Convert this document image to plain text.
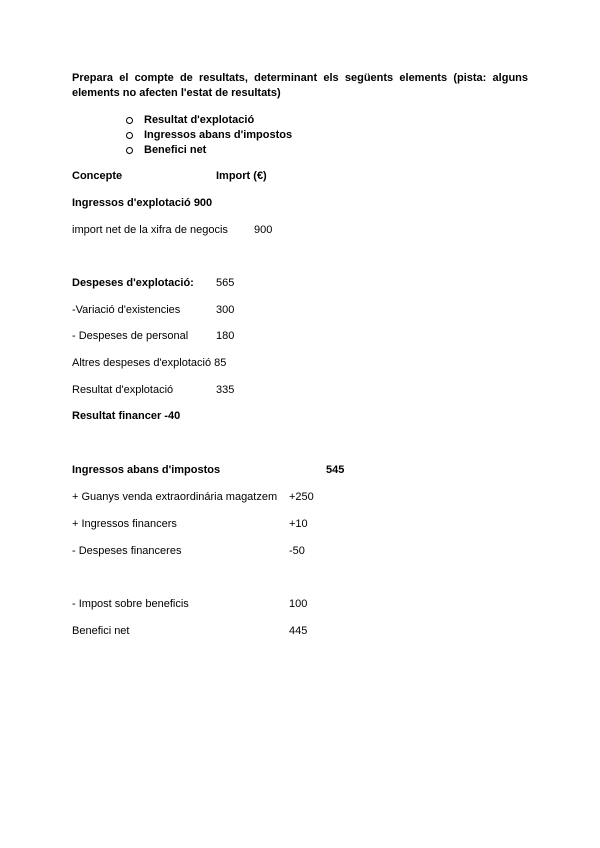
Prepara el compte de resultats, determinant els següents elements (pista: alguns elements no afecten l'estat de resultats)
Resultat d'explotació
Ingressos abans d'impostos
Benefici net
Concepte	Import (€)
Ingressos d'explotació 900
import net de la xifra de negocis 900
Despeses d'explotació: 565
-Variació d'existencies	300
- Despeses de personal	180
Altres despeses d'explotació 85
Resultat d'explotació	335
Resultat financer -40
Ingressos abans d'impostos	545
+ Guanys venda extraordinária magatzem +250
+ Ingressos financers	+10
- Despeses financeres	-50
- Impost sobre beneficis	100
Benefici net	445
